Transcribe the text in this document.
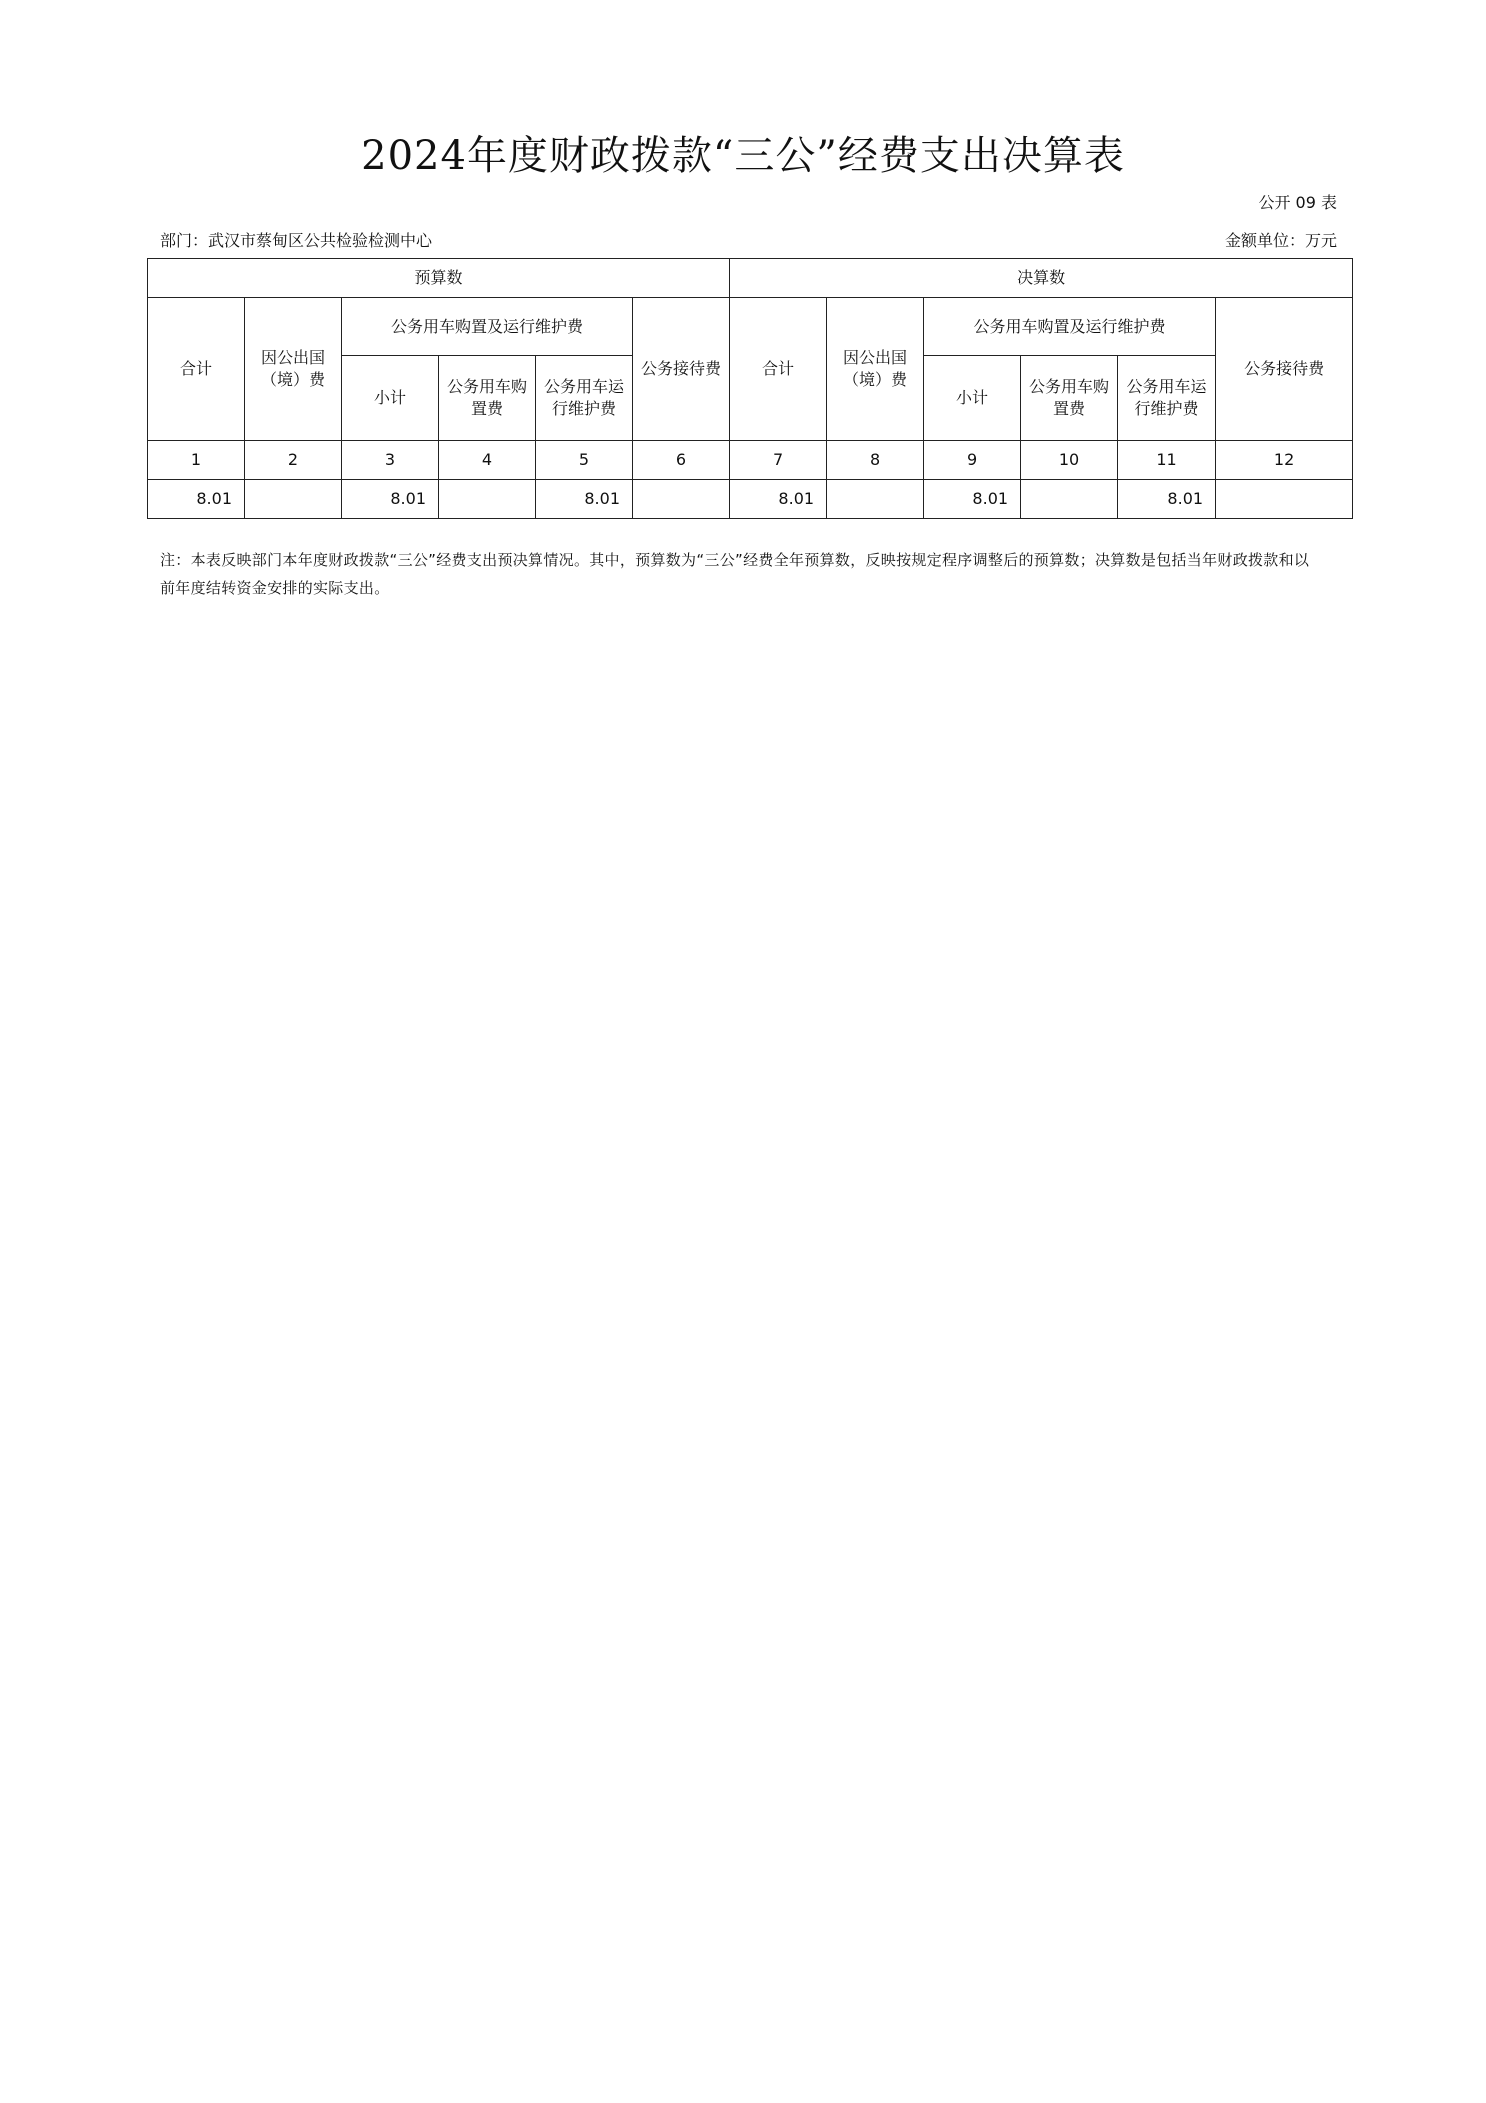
2024年度财政拨款“三公”经费支出决算表
公开 09 表
部门：武汉市蔡甸区公共检验检测中心	金额单位：万元
预算数						决算数					
合计	因公出国（境）费	公务用车购置及运行维护费			公务接待费	合计	因公出国（境）费	公务用车购置及运行维护费			公务接待费
		小计	公务用车购置费	公务用车运行维护费				小计	公务用车购置费	公务用车运行维护费	
1	2	3	4	5	6	7	8	9	10	11	12
8.01		8.01		8.01		8.01		8.01		8.01	
注：本表反映部门本年度财政拨款“三公”经费支出预决算情况。其中，预算数为“三公”经费全年预算数，反映按规定程序调整后的预算数；决算数是包括当年财政拨款和以前年度结转资金安排的实际支出。
